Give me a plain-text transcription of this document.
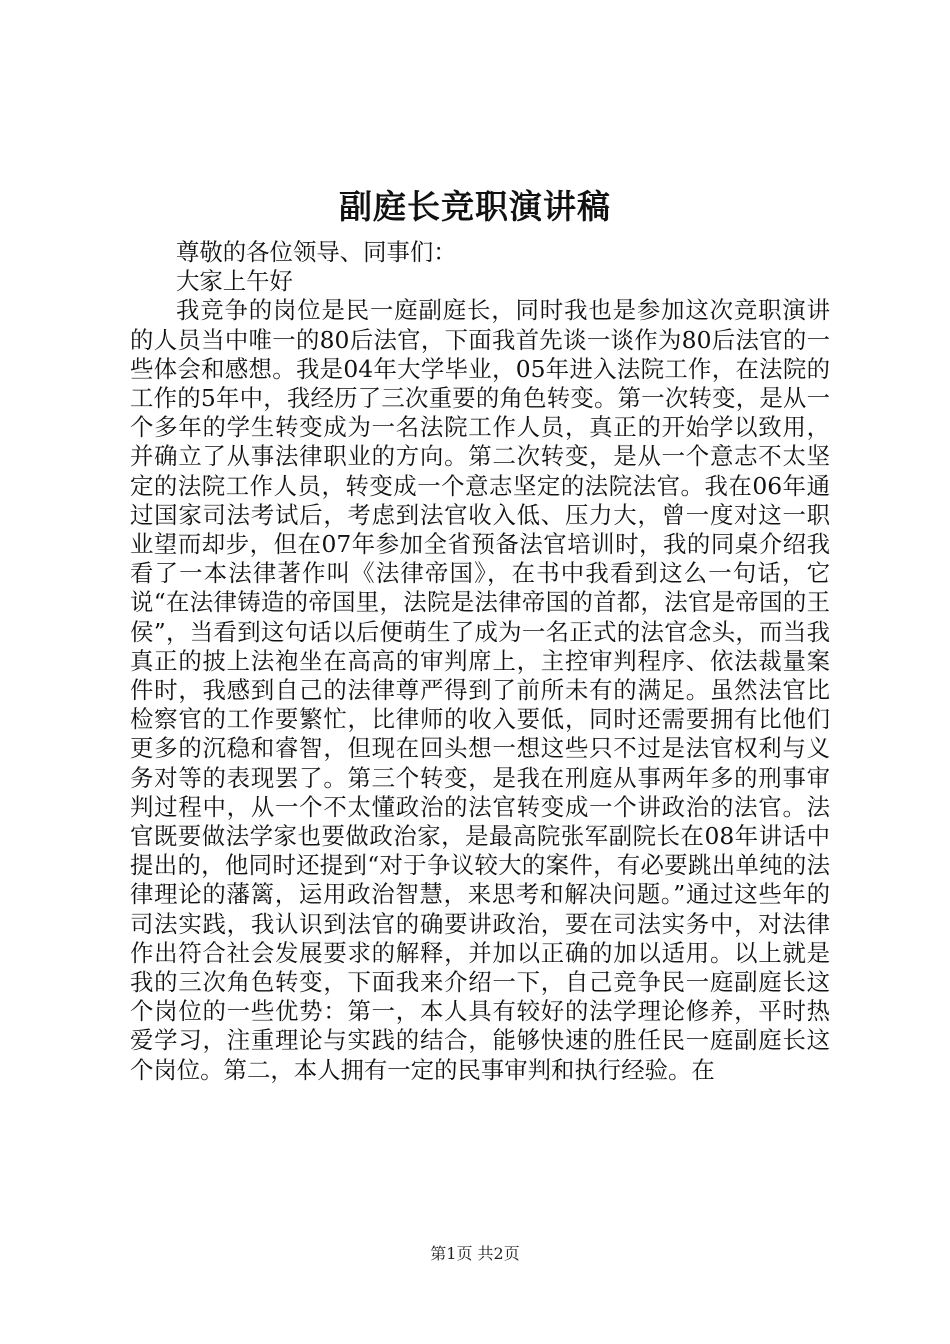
副庭长竞职演讲稿

尊敬的各位领导、同事们：

大家上午好

我竞争的岗位是民一庭副庭长，同时我也是参加这次竞职演讲的人员当中唯一的80后法官，下面我首先谈一谈作为80后法官的一些体会和感想。我是04年大学毕业，05年进入法院工作，在法院的工作的5年中，我经历了三次重要的角色转变。第一次转变，是从一个多年的学生转变成为一名法院工作人员，真正的开始学以致用，并确立了从事法律职业的方向。第二次转变，是从一个意志不太坚定的法院工作人员，转变成一个意志坚定的法院法官。我在06年通过国家司法考试后，考虑到法官收入低、压力大，曾一度对这一职业望而却步，但在07年参加全省预备法官培训时，我的同桌介绍我看了一本法律著作叫《法律帝国》，在书中我看到这么一句话，它说“在法律铸造的帝国里，法院是法律帝国的首都，法官是帝国的王侯”，当看到这句话以后便萌生了成为一名正式的法官念头，而当我真正的披上法袍坐在高高的审判席上，主控审判程序、依法裁量案件时，我感到自己的法律尊严得到了前所未有的满足。虽然法官比检察官的工作要繁忙，比律师的收入要低，同时还需要拥有比他们更多的沉稳和睿智，但现在回头想一想这些只不过是法官权利与义务对等的表现罢了。第三个转变，是我在刑庭从事两年多的刑事审判过程中，从一个不太懂政治的法官转变成一个讲政治的法官。法官既要做法学家也要做政治家，是最高院张军副院长在08年讲话中提出的，他同时还提到“对于争议较大的案件，有必要跳出单纯的法律理论的藩篱，运用政治智慧，来思考和解决问题。”通过这些年的司法实践，我认识到法官的确要讲政治，要在司法实务中，对法律作出符合社会发展要求的解释，并加以正确的加以适用。以上就是我的三次角色转变，下面我来介绍一下，自己竞争民一庭副庭长这个岗位的一些优势：第一，本人具有较好的法学理论修养，平时热爱学习，注重理论与实践的结合，能够快速的胜任民一庭副庭长这个岗位。第二，本人拥有一定的民事审判和执行经验。在

第1页 共2页
